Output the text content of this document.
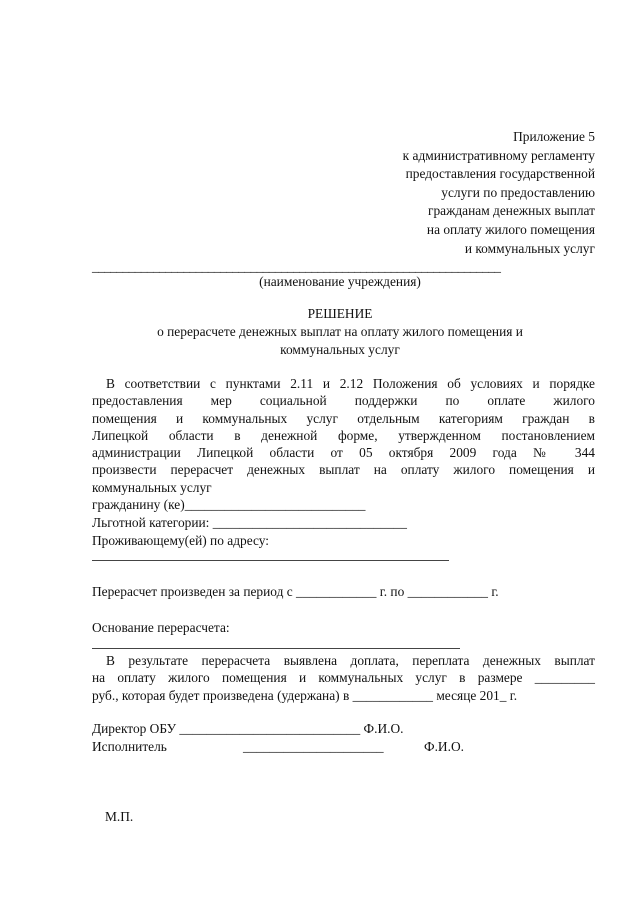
Приложение 5
к административному регламенту
предоставления государственной
услуги по предоставлению
гражданам денежных выплат
на оплату жилого помещения
и коммунальных услуг
___________________________________________________________________
(наименование учреждения)
РЕШЕНИЕ
о перерасчете денежных выплат на оплату жилого помещения и
коммунальных услуг
В соответствии с пунктами 2.11 и 2.12 Положения об условиях и порядке
предоставления мер социальной поддержки по оплате жилого
помещения и коммунальных услуг отдельным категориям граждан в
Липецкой области в денежной форме, утвержденном постановлением
администрации Липецкой области от 05 октября 2009 года № 344
произвести перерасчет денежных выплат на оплату жилого помещения и
коммунальных услуг
гражданину (ке)___________________________
Льготной категории: _____________________________
Проживающему(ей) по адресу:
Перерасчет произведен за период с ____________ г. по ____________ г.
Основание перерасчета:
В результате перерасчета выявлена доплата, переплата денежных выплат
на оплату жилого помещения и коммунальных услуг в размере _________
руб., которая будет произведена (удержана) в ____________ месяце 201_ г.
Директор ОБУ ___________________________ Ф.И.О.
Исполнитель	_____________________	Ф.И.О.
М.П.
